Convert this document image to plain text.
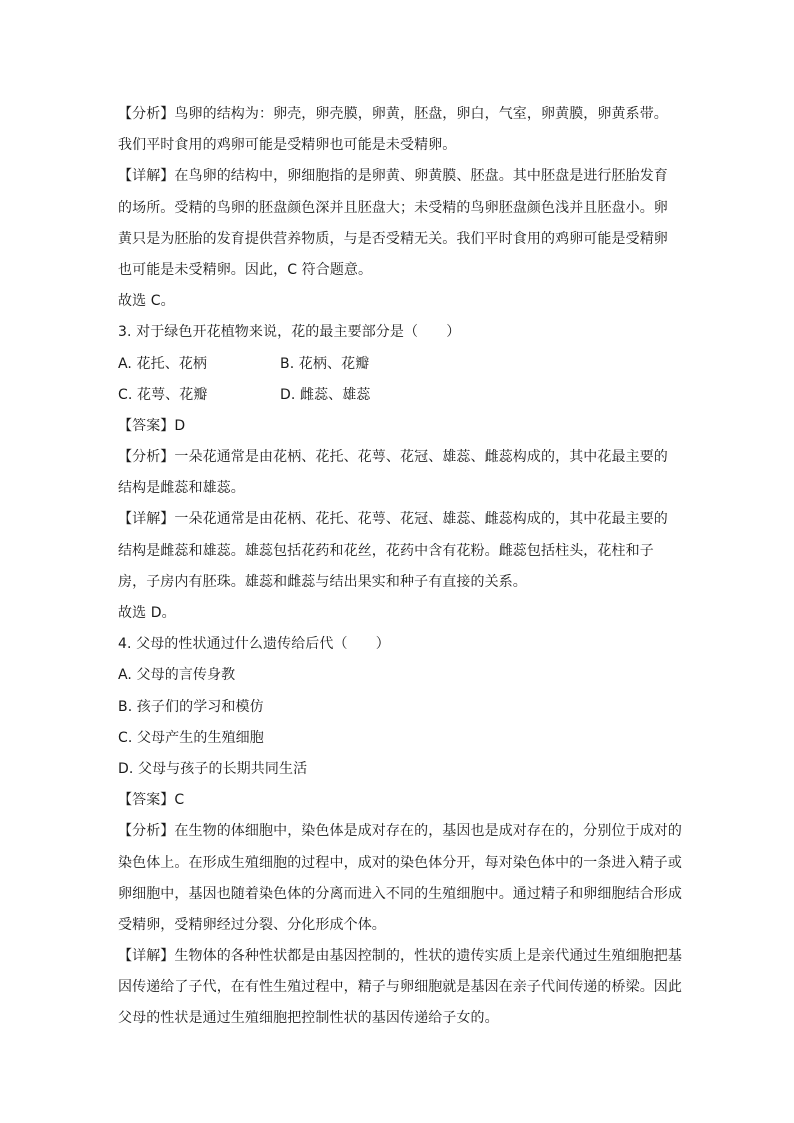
【分析】鸟卵的结构为：卵壳，卵壳膜，卵黄，胚盘，卵白，气室，卵黄膜，卵黄系带。
我们平时食用的鸡卵可能是受精卵也可能是未受精卵。
【详解】在鸟卵的结构中，卵细胞指的是卵黄、卵黄膜、胚盘。其中胚盘是进行胚胎发育
的场所。受精的鸟卵的胚盘颜色深并且胚盘大；未受精的鸟卵胚盘颜色浅并且胚盘小。卵
黄只是为胚胎的发育提供营养物质，与是否受精无关。我们平时食用的鸡卵可能是受精卵
也可能是未受精卵。因此，C 符合题意。
故选 C。
3. 对于绿色开花植物来说，花的最主要部分是（　　）
A. 花托、花柄	B. 花柄、花瓣
C. 花萼、花瓣	D. 雌蕊、雄蕊
【答案】D
【分析】一朵花通常是由花柄、花托、花萼、花冠、雄蕊、雌蕊构成的，其中花最主要的
结构是雌蕊和雄蕊。
【详解】一朵花通常是由花柄、花托、花萼、花冠、雄蕊、雌蕊构成的，其中花最主要的
结构是雌蕊和雄蕊。雄蕊包括花药和花丝，花药中含有花粉。雌蕊包括柱头，花柱和子
房，子房内有胚珠。雄蕊和雌蕊与结出果实和种子有直接的关系。
故选 D。
4. 父母的性状通过什么遗传给后代（　　）
A. 父母的言传身教
B. 孩子们的学习和模仿
C. 父母产生的生殖细胞
D. 父母与孩子的长期共同生活
【答案】C
【分析】在生物的体细胞中，染色体是成对存在的，基因也是成对存在的，分别位于成对的
染色体上。在形成生殖细胞的过程中，成对的染色体分开，每对染色体中的一条进入精子或
卵细胞中，基因也随着染色体的分离而进入不同的生殖细胞中。通过精子和卵细胞结合形成
受精卵，受精卵经过分裂、分化形成个体。
【详解】生物体的各种性状都是由基因控制的，性状的遗传实质上是亲代通过生殖细胞把基
因传递给了子代，在有性生殖过程中，精子与卵细胞就是基因在亲子代间传递的桥梁。因此
父母的性状是通过生殖细胞把控制性状的基因传递给子女的。
